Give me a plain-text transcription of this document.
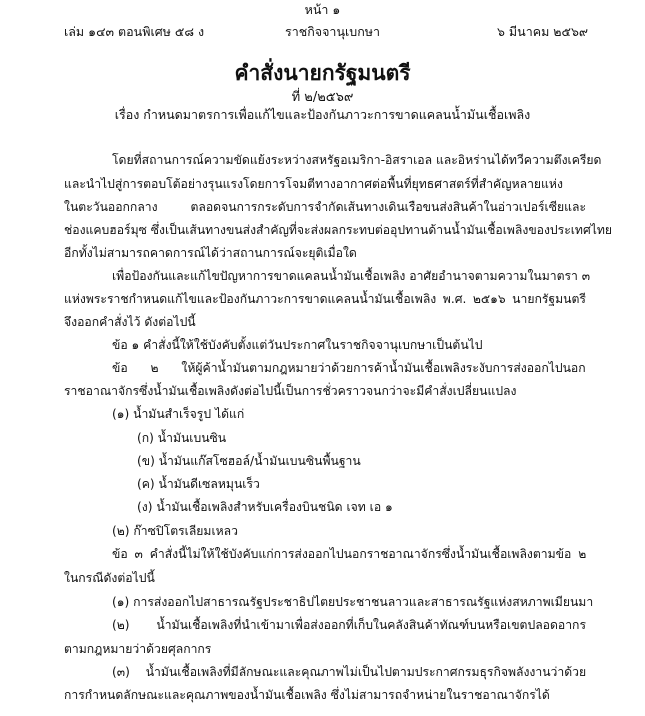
หน้า ๑
เล่ม ๑๔๓ ตอนพิเศษ ๕๘ ง	ราชกิจจานุเบกษา	๖ มีนาคม ๒๕๖๙
คำสั่งนายกรัฐมนตรี
ที่ ๒/๒๕๖๙
เรื่อง กำหนดมาตรการเพื่อแก้ไขและป้องกันภาวะการขาดแคลนน้ำมันเชื้อเพลิง
โดยที่สถานการณ์ความขัดแย้งระหว่างสหรัฐอเมริกา-อิสราเอล และอิหร่านได้ทวีความตึงเครียด
และนำไปสู่การตอบโต้อย่างรุนแรงโดยการโจมตีทางอากาศต่อพื้นที่ยุทธศาสตร์ที่สำคัญหลายแห่ง
ในตะวันออกกลาง ตลอดจนการกระดับการจำกัดเส้นทางเดินเรือขนส่งสินค้าในอ่าวเปอร์เซียและ
ช่องแคบฮอร์มุซ ซึ่งเป็นเส้นทางขนส่งสำคัญที่จะส่งผลกระทบต่ออุปทานด้านน้ำมันเชื้อเพลิงของประเทศไทย
อีกทั้งไม่สามารถคาดการณ์ได้ว่าสถานการณ์จะยุติเมื่อใด
เพื่อป้องกันและแก้ไขปัญหาการขาดแคลนน้ำมันเชื้อเพลิง อาศัยอำนาจตามความในมาตรา ๓
แห่งพระราชกำหนดแก้ไขและป้องกันภาวะการขาดแคลนน้ำมันเชื้อเพลิง พ.ศ. ๒๕๑๖ นายกรัฐมนตรี
จึงออกคำสั่งไว้ ดังต่อไปนี้
ข้อ ๑ คำสั่งนี้ให้ใช้บังคับตั้งแต่วันประกาศในราชกิจจานุเบกษาเป็นต้นไป
ข้อ ๒ ให้ผู้ค้าน้ำมันตามกฎหมายว่าด้วยการค้าน้ำมันเชื้อเพลิงระงับการส่งออกไปนอก
ราชอาณาจักรซึ่งน้ำมันเชื้อเพลิงดังต่อไปนี้เป็นการชั่วคราวจนกว่าจะมีคำสั่งเปลี่ยนแปลง
(๑) น้ำมันสำเร็จรูป ได้แก่
(ก) น้ำมันเบนซิน
(ข) น้ำมันแก๊สโซฮอล์/น้ำมันเบนซินพื้นฐาน
(ค) น้ำมันดีเซลหมุนเร็ว
(ง) น้ำมันเชื้อเพลิงสำหรับเครื่องบินชนิด เจท เอ ๑
(๒) ก๊าซปิโตรเลียมเหลว
ข้อ ๓ คำสั่งนี้ไม่ให้ใช้บังคับแก่การส่งออกไปนอกราชอาณาจักรซึ่งน้ำมันเชื้อเพลิงตามข้อ ๒
ในกรณีดังต่อไปนี้
(๑) การส่งออกไปสาธารณรัฐประชาธิปไตยประชาชนลาวและสาธารณรัฐแห่งสหภาพเมียนมา
(๒) น้ำมันเชื้อเพลิงที่นำเข้ามาเพื่อส่งออกที่เก็บในคลังสินค้าทัณฑ์บนหรือเขตปลอดอากร
ตามกฎหมายว่าด้วยศุลกากร
(๓) น้ำมันเชื้อเพลิงที่มีลักษณะและคุณภาพไม่เป็นไปตามประกาศกรมธุรกิจพลังงานว่าด้วย
การกำหนดลักษณะและคุณภาพของน้ำมันเชื้อเพลิง ซึ่งไม่สามารถจำหน่ายในราชอาณาจักรได้
